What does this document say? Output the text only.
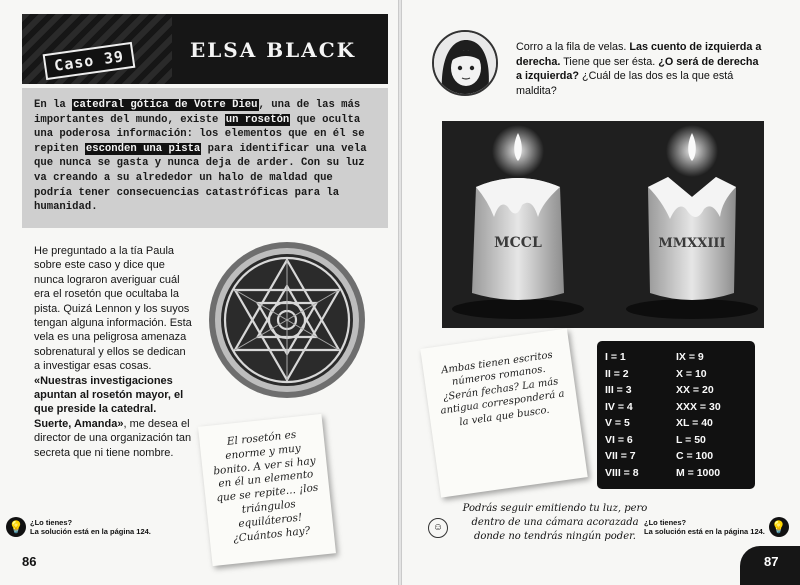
Caso 39	ELSA BLACK
En la catedral gótica de Votre Dieu, una de las más importantes del mundo, existe un rosetón que oculta una poderosa información: los elementos que en él se repiten esconden una pista para identificar una vela que nunca se gasta y nunca deja de arder. Con su luz va creando a su alrededor un halo de maldad que podría tener consecuencias catastróficas para la humanidad.
He preguntado a la tía Paula sobre este caso y dice que nunca lograron averiguar cuál era el rosetón que ocultaba la pista. Quizá Lennon y los suyos tengan alguna información. Esta vela es una peligrosa amenaza sobrenatural y ellos se dedican a investigar esas cosas. «Nuestras investigaciones apuntan al rosetón mayor, el que preside la catedral. Suerte, Amanda», me desea el director de una organización tan secreta que ni tiene nombre.
El rosetón es enorme y muy bonito. A ver si hay en él un elemento que se repite... ¡los triángulos equiláteros! ¿Cuántos hay?
💡 ¿Lo tienes?
La solución está en la página 124.
86
Corro a la fila de velas. Las cuento de izquierda a derecha. Tiene que ser ésta. ¿O será de derecha a izquierda? ¿Cuál de las dos es la que está maldita?
MCCL	MMXXIII
Ambas tienen escritos números romanos. ¿Serán fechas? La más antigua corresponderá a la vela que busco.
I = 1
II = 2
III = 3
IV = 4
V = 5
VI = 6
VII = 7
VIII = 8
IX = 9
X = 10
XX = 20
XXX = 30
XL = 40
L = 50
C = 100
M = 1000
☺
Podrás seguir emitiendo tu luz, pero dentro de una cámara acorazada donde no tendrás ningún poder.
¿Lo tienes?
La solución está en la página 124. 💡
87
